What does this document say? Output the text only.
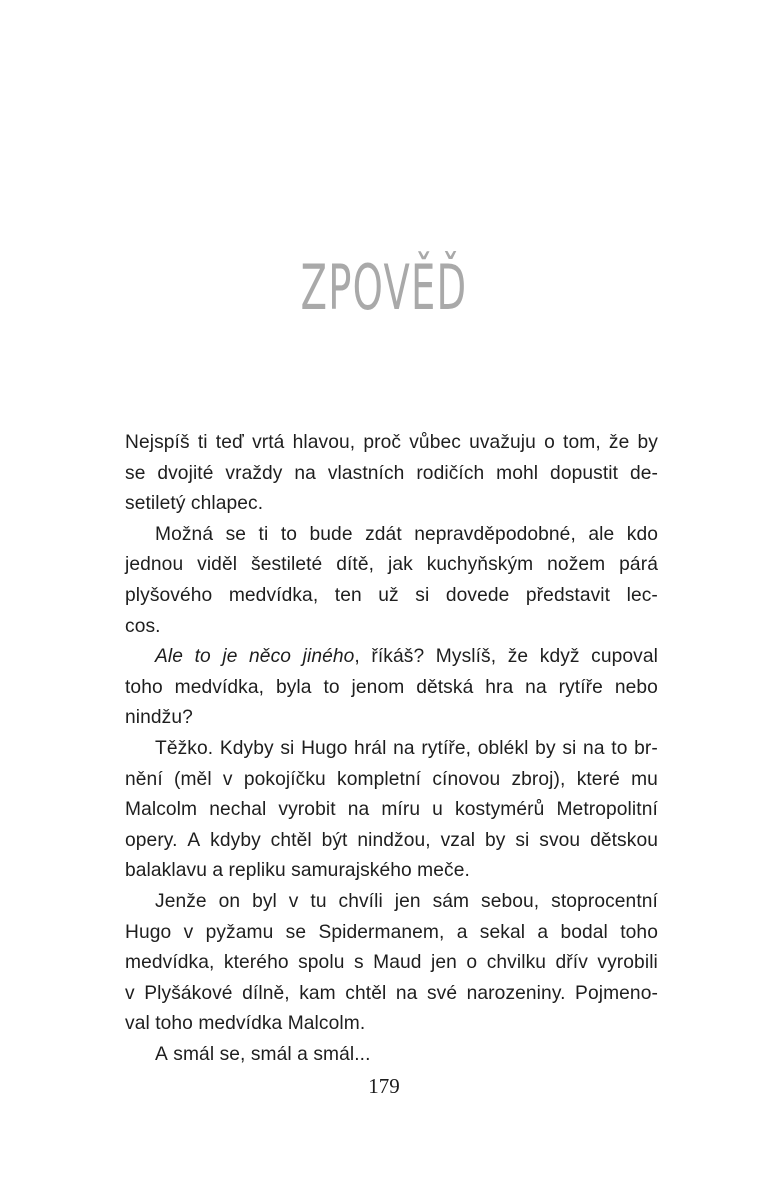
ZPOVĚĎ
Nejspíš ti teď vrtá hlavou, proč vůbec uvažuju o tom, že by
se dvojité vraždy na vlastních rodičích mohl dopustit de-
setiletý chlapec.
Možná se ti to bude zdát nepravděpodobné, ale kdo
jednou viděl šestileté dítě, jak kuchyňským nožem párá
plyšového medvídka, ten už si dovede představit lec-
cos.
Ale to je něco jiného, říkáš? Myslíš, že když cupoval
toho medvídka, byla to jenom dětská hra na rytíře nebo
nindžu?
Těžko. Kdyby si Hugo hrál na rytíře, oblékl by si na to br-
nění (měl v pokojíčku kompletní cínovou zbroj), které mu
Malcolm nechal vyrobit na míru u kostymérů Metropolitní
opery. A kdyby chtěl být nindžou, vzal by si svou dětskou
balaklavu a repliku samurajského meče.
Jenže on byl v tu chvíli jen sám sebou, stoprocentní
Hugo v pyžamu se Spidermanem, a sekal a bodal toho
medvídka, kterého spolu s Maud jen o chvilku dřív vyrobili
v Plyšákové dílně, kam chtěl na své narozeniny. Pojmeno-
val toho medvídka Malcolm.
A smál se, smál a smál...
179
